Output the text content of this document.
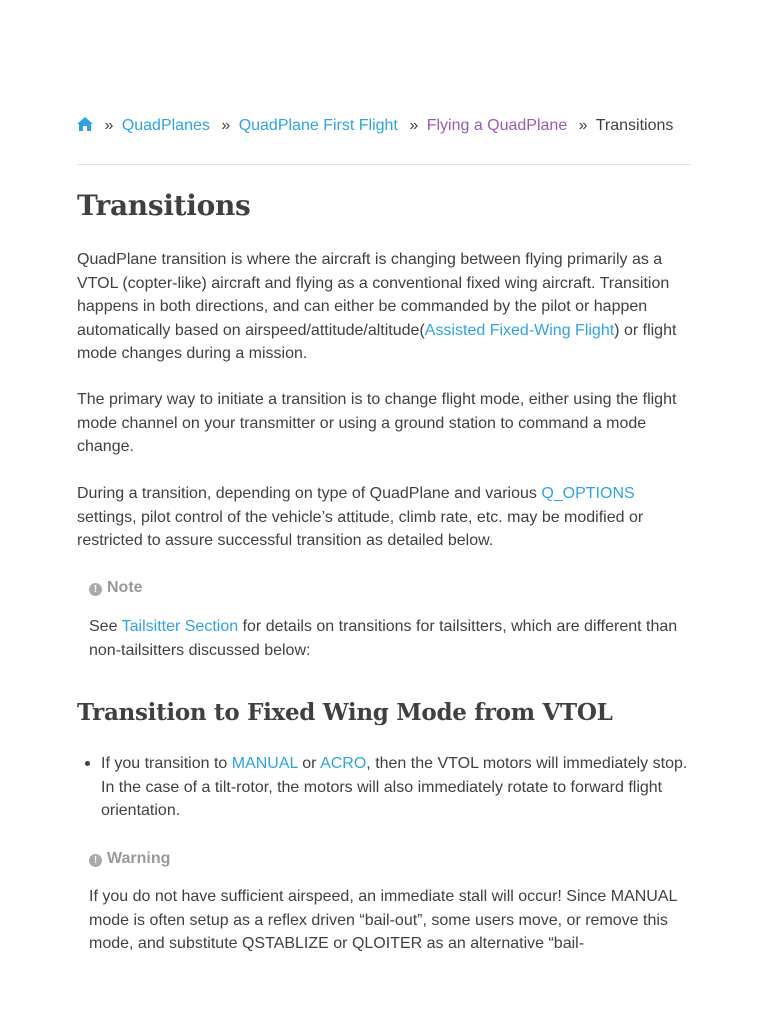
» QuadPlanes » QuadPlane First Flight » Flying a QuadPlane » Transitions
Transitions

QuadPlane transition is where the aircraft is changing between flying primarily as a VTOL (copter-like) aircraft and flying as a conventional fixed wing aircraft. Transition happens in both directions, and can either be commanded by the pilot or happen automatically based on airspeed/attitude/altitude(Assisted Fixed-Wing Flight) or flight mode changes during a mission.

The primary way to initiate a transition is to change flight mode, either using the flight mode channel on your transmitter or using a ground station to command a mode change.

During a transition, depending on type of QuadPlane and various Q_OPTIONS settings, pilot control of the vehicle’s attitude, climb rate, etc. may be modified or restricted to assure successful transition as detailed below.

! Note

See Tailsitter Section for details on transitions for tailsitters, which are different than non-tailsitters discussed below:

Transition to Fixed Wing Mode from VTOL
If you transition to MANUAL or ACRO, then the VTOL motors will immediately stop. In the case of a tilt-rotor, the motors will also immediately rotate to forward flight orientation.
! Warning

If you do not have sufficient airspeed, an immediate stall will occur! Since MANUAL mode is often setup as a reflex driven “bail-out”, some users move, or remove this mode, and substitute QSTABLIZE or QLOITER as an alternative “bail-
